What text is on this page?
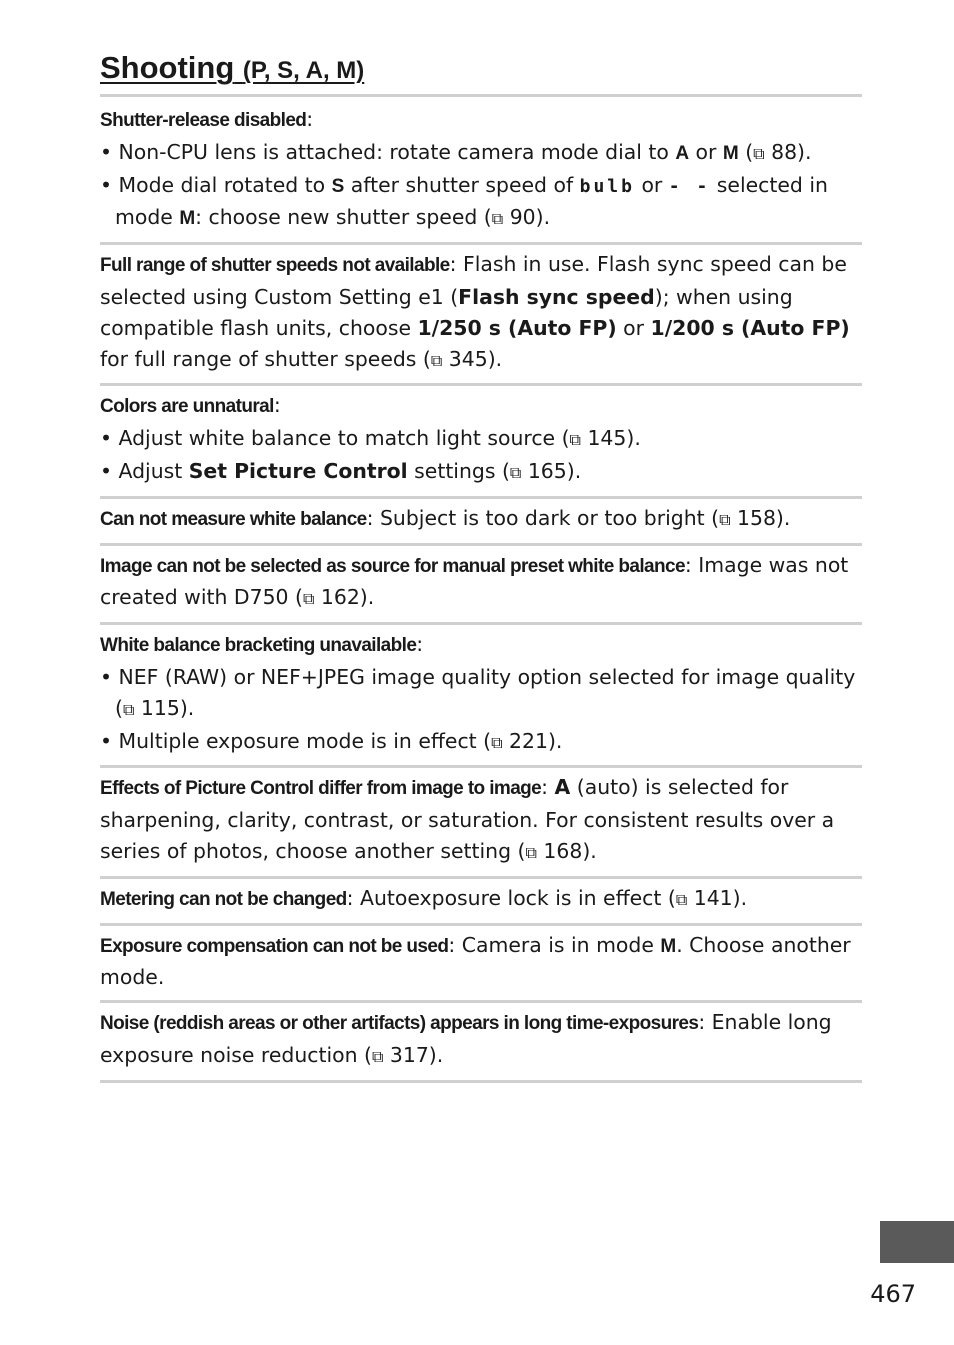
Shooting (P, S, A, M)

Shutter-release disabled:

• Non-CPU lens is attached: rotate camera mode dial to A or M (⧉ 88).

• Mode dial rotated to S after shutter speed of bulb or - - selected in mode M: choose new shutter speed (⧉ 90).

Full range of shutter speeds not available: Flash in use. Flash sync speed can be selected using Custom Setting e1 (Flash sync speed); when using compatible flash units, choose 1/250 s (Auto FP) or 1/200 s (Auto FP) for full range of shutter speeds (⧉ 345).

Colors are unnatural:

• Adjust white balance to match light source (⧉ 145).

• Adjust Set Picture Control settings (⧉ 165).

Can not measure white balance: Subject is too dark or too bright (⧉ 158).

Image can not be selected as source for manual preset white balance: Image was not created with D750 (⧉ 162).

White balance bracketing unavailable:

• NEF (RAW) or NEF+JPEG image quality option selected for image quality (⧉ 115).

• Multiple exposure mode is in effect (⧉ 221).

Effects of Picture Control differ from image to image: A (auto) is selected for sharpening, clarity, contrast, or saturation. For consistent results over a series of photos, choose another setting (⧉ 168).

Metering can not be changed: Autoexposure lock is in effect (⧉ 141).

Exposure compensation can not be used: Camera is in mode M. Choose another mode.

Noise (reddish areas or other artifacts) appears in long time-exposures: Enable long exposure noise reduction (⧉ 317).

467
